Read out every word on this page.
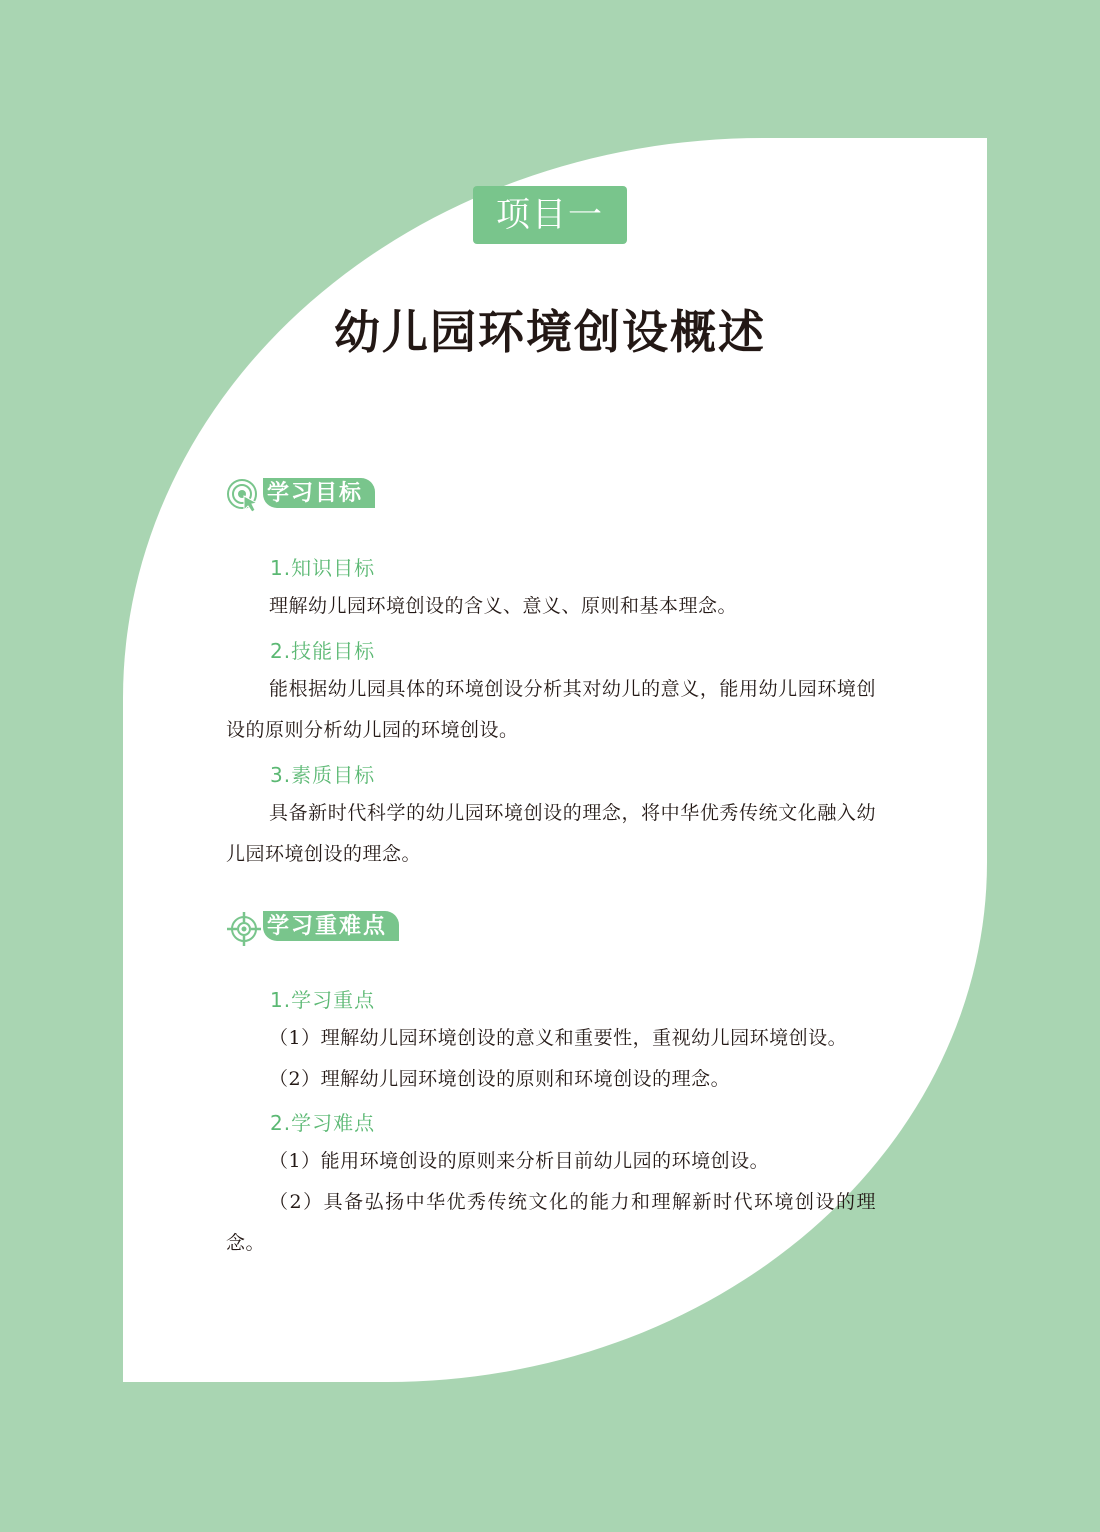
项目一
幼儿园环境创设概述
学习目标
1.知识目标
理解幼儿园环境创设的含义、意义、原则和基本理念。
2.技能目标
能根据幼儿园具体的环境创设分析其对幼儿的意义，能用幼儿园环境创设的原则分析幼儿园的环境创设。
3.素质目标
具备新时代科学的幼儿园环境创设的理念，将中华优秀传统文化融入幼儿园环境创设的理念。
学习重难点
1.学习重点
（1）理解幼儿园环境创设的意义和重要性，重视幼儿园环境创设。
（2）理解幼儿园环境创设的原则和环境创设的理念。
2.学习难点
（1）能用环境创设的原则来分析目前幼儿园的环境创设。
（2）具备弘扬中华优秀传统文化的能力和理解新时代环境创设的理念。
